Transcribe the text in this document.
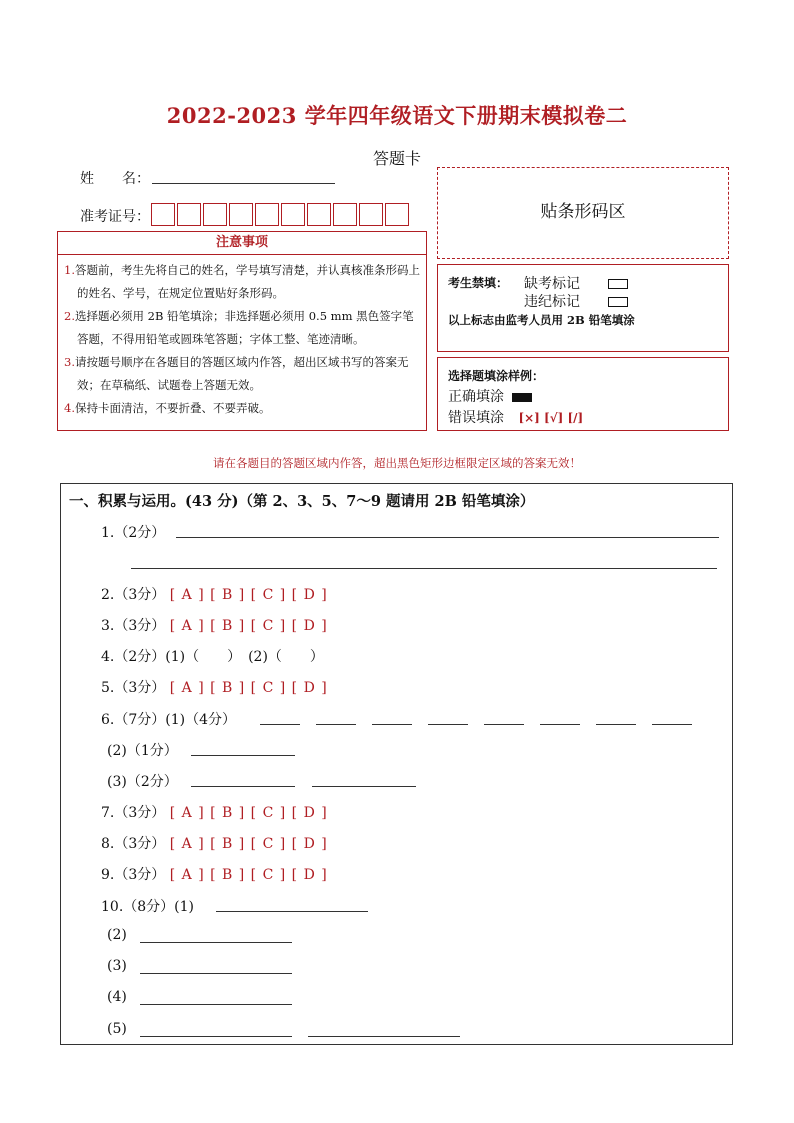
2022-2023 学年四年级语文下册期末模拟卷二
答题卡
姓　　名：
准考证号：
注意事项
1.答题前，考生先将自己的姓名，学号填写清楚，并认真核准条形码上的姓名、学号，在规定位置贴好条形码。
2.选择题必须用 2B 铅笔填涂；非选择题必须用 0.5 mm 黑色签字笔答题，不得用铅笔或圆珠笔答题；字体工整、笔迹清晰。
3.请按题号顺序在各题目的答题区域内作答，超出区域书写的答案无效；在草稿纸、试题卷上答题无效。
4.保持卡面清洁，不要折叠、不要弄破。
贴条形码区
考生禁填： 缺考标记
违纪标记
以上标志由监考人员用 2B 铅笔填涂
选择题填涂样例：
正确填涂
错误填涂 [×] [√] [/]
请在各题目的答题区域内作答，超出黑色矩形边框限定区域的答案无效！
一、积累与运用。(43 分)（第 2、3、5、7～9 题请用 2B 铅笔填涂）
1.（2分）
2.（3分） [ A ] [ B ] [ C ] [ D ]
3.（3分） [ A ] [ B ] [ C ] [ D ]
4.（2分）(1)（　　）　(2)（　　）
5.（3分） [ A ] [ B ] [ C ] [ D ]
6.（7分）(1)（4分）
(2)（1分）
(3)（2分）
7.（3分） [ A ] [ B ] [ C ] [ D ]
8.（3分） [ A ] [ B ] [ C ] [ D ]
9.（3分） [ A ] [ B ] [ C ] [ D ]
10.（8分）(1)
(2)
(3)
(4)
(5)
